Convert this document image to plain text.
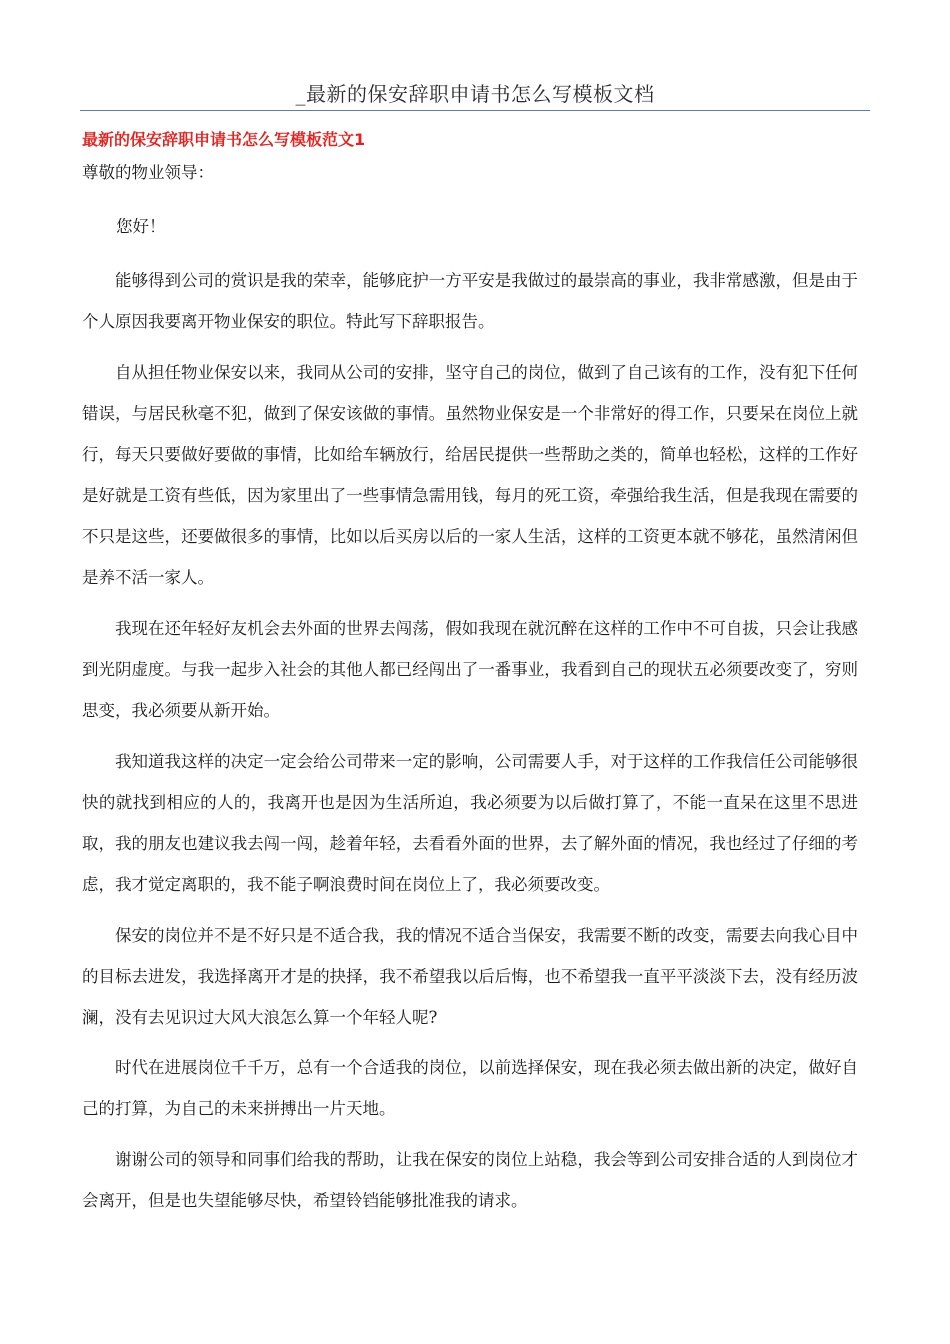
_最新的保安辞职申请书怎么写模板文档
最新的保安辞职申请书怎么写模板范文1
尊敬的物业领导：
您好！

能够得到公司的赏识是我的荣幸，能够庇护一方平安是我做过的最崇高的事业，我非常感激，但是由于个人原因我要离开物业保安的职位。特此写下辞职报告。

自从担任物业保安以来，我同从公司的安排，坚守自己的岗位，做到了自己该有的工作，没有犯下任何错误，与居民秋毫不犯，做到了保安该做的事情。虽然物业保安是一个非常好的得工作，只要呆在岗位上就行，每天只要做好要做的事情，比如给车辆放行，给居民提供一些帮助之类的，简单也轻松，这样的工作好是好就是工资有些低，因为家里出了一些事情急需用钱，每月的死工资，牵强给我生活，但是我现在需要的不只是这些，还要做很多的事情，比如以后买房以后的一家人生活，这样的工资更本就不够花，虽然清闲但是养不活一家人。

我现在还年轻好友机会去外面的世界去闯荡，假如我现在就沉醉在这样的工作中不可自拔，只会让我感到光阴虚度。与我一起步入社会的其他人都已经闯出了一番事业，我看到自己的现状五必须要改变了，穷则思变，我必须要从新开始。

我知道我这样的决定一定会给公司带来一定的影响，公司需要人手，对于这样的工作我信任公司能够很快的就找到相应的人的，我离开也是因为生活所迫，我必须要为以后做打算了，不能一直呆在这里不思进取，我的朋友也建议我去闯一闯，趁着年轻，去看看外面的世界，去了解外面的情况，我也经过了仔细的考虑，我才觉定离职的，我不能子啊浪费时间在岗位上了，我必须要改变。

保安的岗位并不是不好只是不适合我，我的情况不适合当保安，我需要不断的改变，需要去向我心目中的目标去进发，我选择离开才是的抉择，我不希望我以后后悔，也不希望我一直平平淡淡下去，没有经历波澜，没有去见识过大风大浪怎么算一个年轻人呢?

时代在进展岗位千千万，总有一个合适我的岗位，以前选择保安，现在我必须去做出新的决定，做好自己的打算，为自己的未来拼搏出一片天地。

谢谢公司的领导和同事们给我的帮助，让我在保安的岗位上站稳，我会等到公司安排合适的人到岗位才会离开，但是也失望能够尽快，希望铃铛能够批准我的请求。
